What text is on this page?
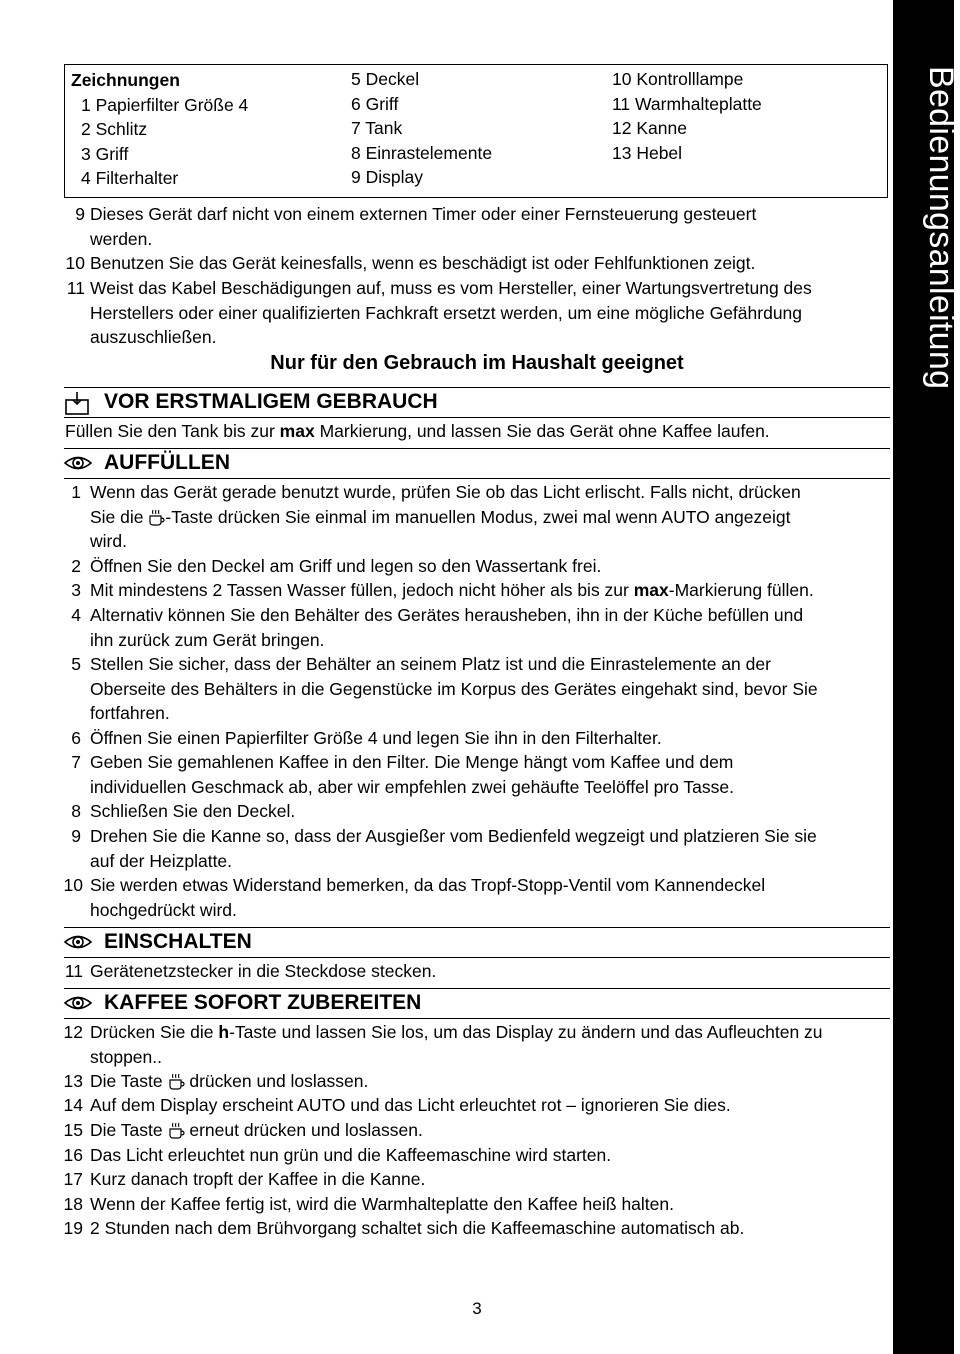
Bedienungsanleitung
Zeichnungen
1 Papierfilter Größe 4
2 Schlitz
3 Griff
4 Filterhalter
5 Deckel
6 Griff
7 Tank
8 Einrastelemente
9 Display
10 Kontrolllampe
11 Warmhalteplatte
12 Kanne
13 Hebel
9 Dieses Gerät darf nicht von einem externen Timer oder einer Fernsteuerung gesteuert
werden.
10 Benutzen Sie das Gerät keinesfalls, wenn es beschädigt ist oder Fehlfunktionen zeigt.
11 Weist das Kabel Beschädigungen auf, muss es vom Hersteller, einer Wartungsvertretung des
Herstellers oder einer qualifizierten Fachkraft ersetzt werden, um eine mögliche Gefährdung
auszuschließen.
Nur für den Gebrauch im Haushalt geeignet
VOR ERSTMALIGEM GEBRAUCH
Füllen Sie den Tank bis zur max Markierung, und lassen Sie das Gerät ohne Kaffee laufen.
AUFFÜLLEN
1 Wenn das Gerät gerade benutzt wurde, prüfen Sie ob das Licht erlischt. Falls nicht, drücken
Sie die -Taste drücken Sie einmal im manuellen Modus, zwei mal wenn AUTO angezeigt
wird.
2 Öffnen Sie den Deckel am Griff und legen so den Wassertank frei.
3 Mit mindestens 2 Tassen Wasser füllen, jedoch nicht höher als bis zur max-Markierung füllen.
4 Alternativ können Sie den Behälter des Gerätes herausheben, ihn in der Küche befüllen und
ihn zurück zum Gerät bringen.
5 Stellen Sie sicher, dass der Behälter an seinem Platz ist und die Einrastelemente an der
Oberseite des Behälters in die Gegenstücke im Korpus des Gerätes eingehakt sind, bevor Sie
fortfahren.
6 Öffnen Sie einen Papierfilter Größe 4 und legen Sie ihn in den Filterhalter.
7 Geben Sie gemahlenen Kaffee in den Filter. Die Menge hängt vom Kaffee und dem
individuellen Geschmack ab, aber wir empfehlen zwei gehäufte Teelöffel pro Tasse.
8 Schließen Sie den Deckel.
9 Drehen Sie die Kanne so, dass der Ausgießer vom Bedienfeld wegzeigt und platzieren Sie sie
auf der Heizplatte.
10 Sie werden etwas Widerstand bemerken, da das Tropf-Stopp-Ventil vom Kannendeckel
hochgedrückt wird.
EINSCHALTEN
11 Gerätenetzstecker in die Steckdose stecken.
KAFFEE SOFORT ZUBEREITEN
12 Drücken Sie die h-Taste und lassen Sie los, um das Display zu ändern und das Aufleuchten zu
stoppen..
13 Die Taste  drücken und loslassen.
14 Auf dem Display erscheint AUTO und das Licht erleuchtet rot – ignorieren Sie dies.
15 Die Taste  erneut drücken und loslassen.
16 Das Licht erleuchtet nun grün und die Kaffeemaschine wird starten.
17 Kurz danach tropft der Kaffee in die Kanne.
18 Wenn der Kaffee fertig ist, wird die Warmhalteplatte den Kaffee heiß halten.
19 2 Stunden nach dem Brühvorgang schaltet sich die Kaffeemaschine automatisch ab.
3
